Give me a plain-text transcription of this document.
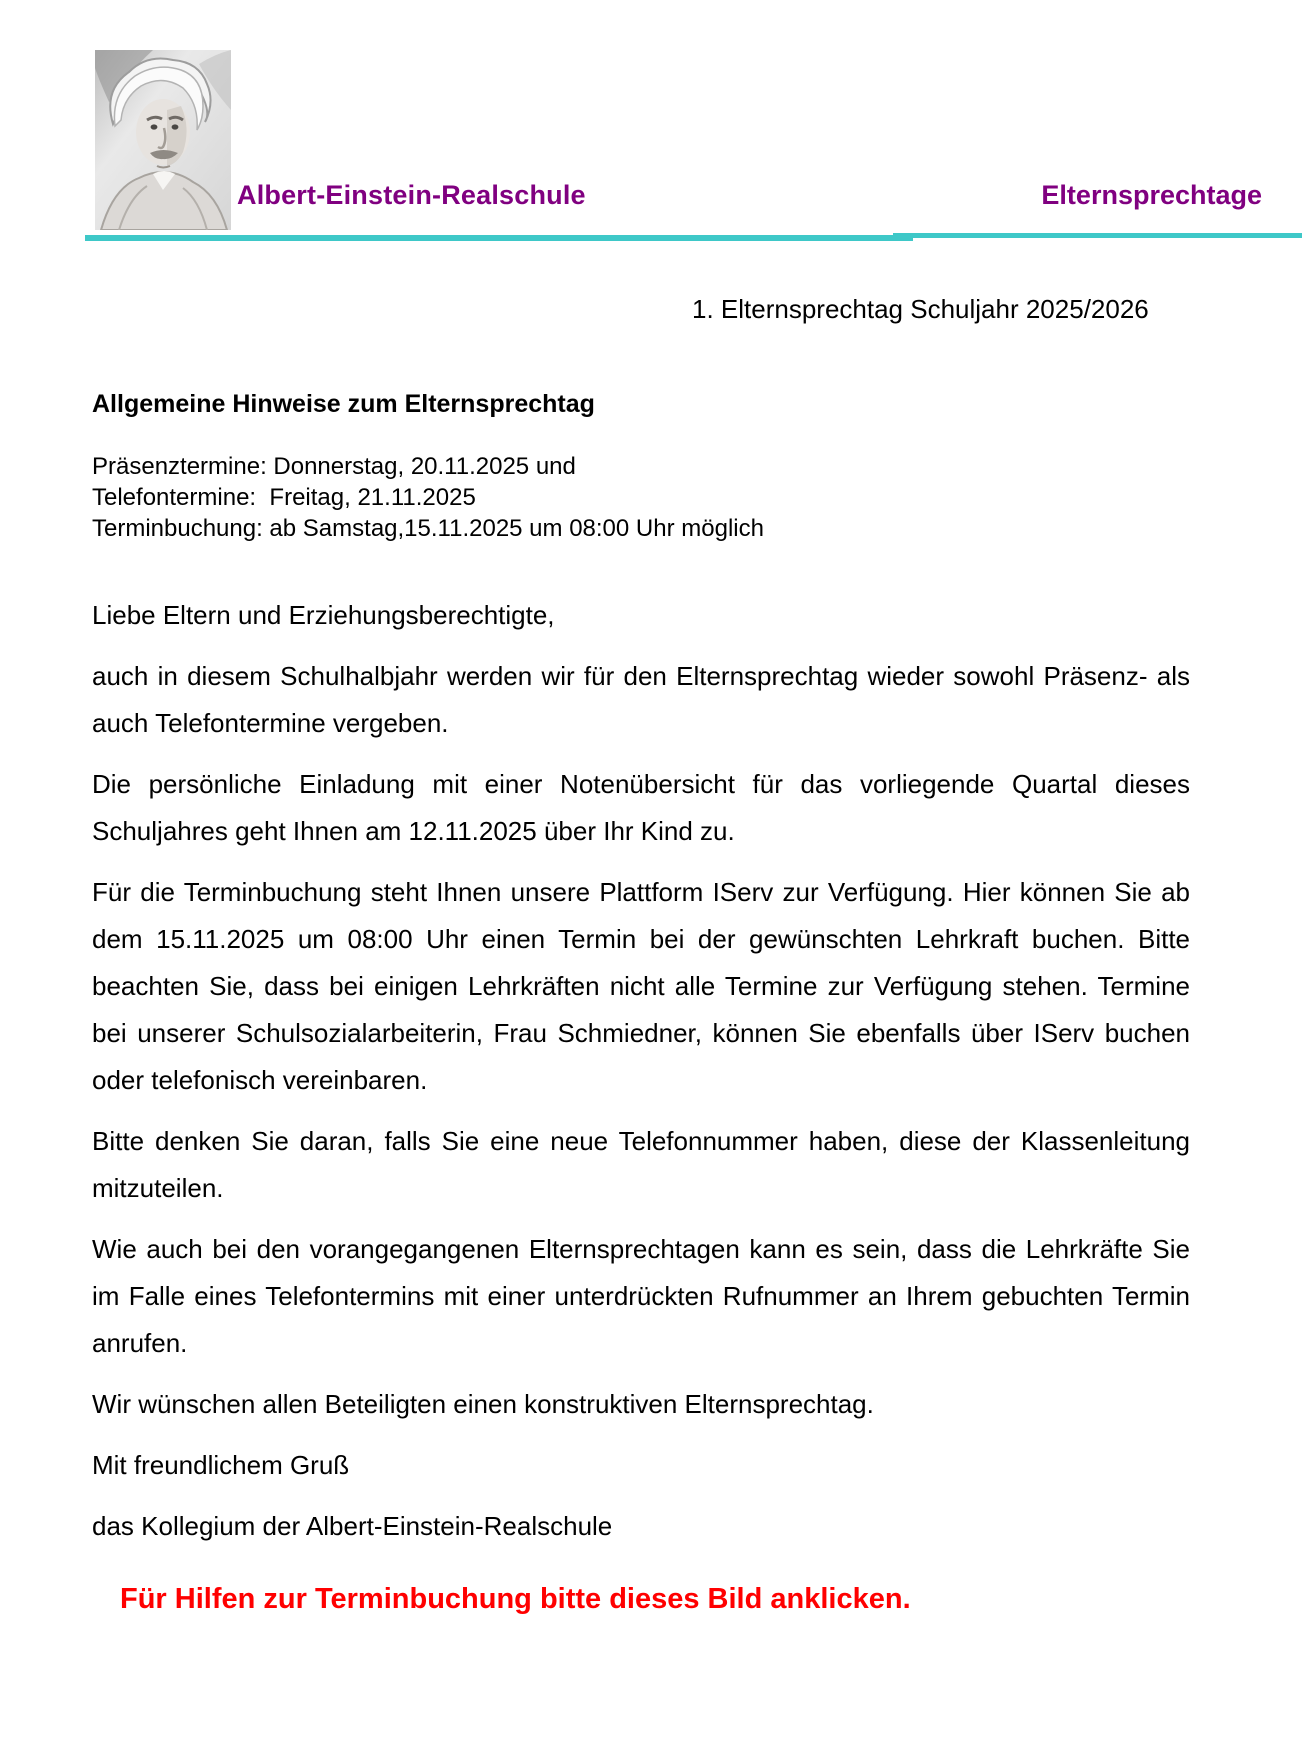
Albert-Einstein-Realschule	Elternsprechtage
1. Elternsprechtag Schuljahr 2025/2026
Allgemeine Hinweise zum Elternsprechtag
Präsenztermine: Donnerstag, 20.11.2025 und
Telefontermine:  Freitag, 21.11.2025
Terminbuchung: ab Samstag,15.11.2025 um 08:00 Uhr möglich

Liebe Eltern und Erziehungsberechtigte,

auch in diesem Schulhalbjahr werden wir für den Elternsprechtag wieder sowohl Präsenz- als auch Telefontermine vergeben.

Die persönliche Einladung mit einer Notenübersicht für das vorliegende Quartal dieses Schuljahres geht Ihnen am 12.11.2025 über Ihr Kind zu.

Für die Terminbuchung steht Ihnen unsere Plattform IServ zur Verfügung. Hier können Sie ab dem 15.11.2025 um 08:00 Uhr einen Termin bei der gewünschten Lehrkraft buchen. Bitte beachten Sie, dass bei einigen Lehrkräften nicht alle Termine zur Verfügung stehen. Termine bei unserer Schulsozialarbeiterin, Frau Schmiedner, können Sie ebenfalls über IServ buchen oder telefonisch vereinbaren.

Bitte denken Sie daran, falls Sie eine neue Telefonnummer haben, diese der Klassenleitung mitzuteilen.

Wie auch bei den vorangegangenen Elternsprechtagen kann es sein, dass die Lehrkräfte Sie im Falle eines Telefontermins mit einer unterdrückten Rufnummer an Ihrem gebuchten Termin anrufen.

Wir wünschen allen Beteiligten einen konstruktiven Elternsprechtag.

Mit freundlichem Gruß

das Kollegium der Albert-Einstein-Realschule

Für Hilfen zur Terminbuchung bitte dieses Bild anklicken.
